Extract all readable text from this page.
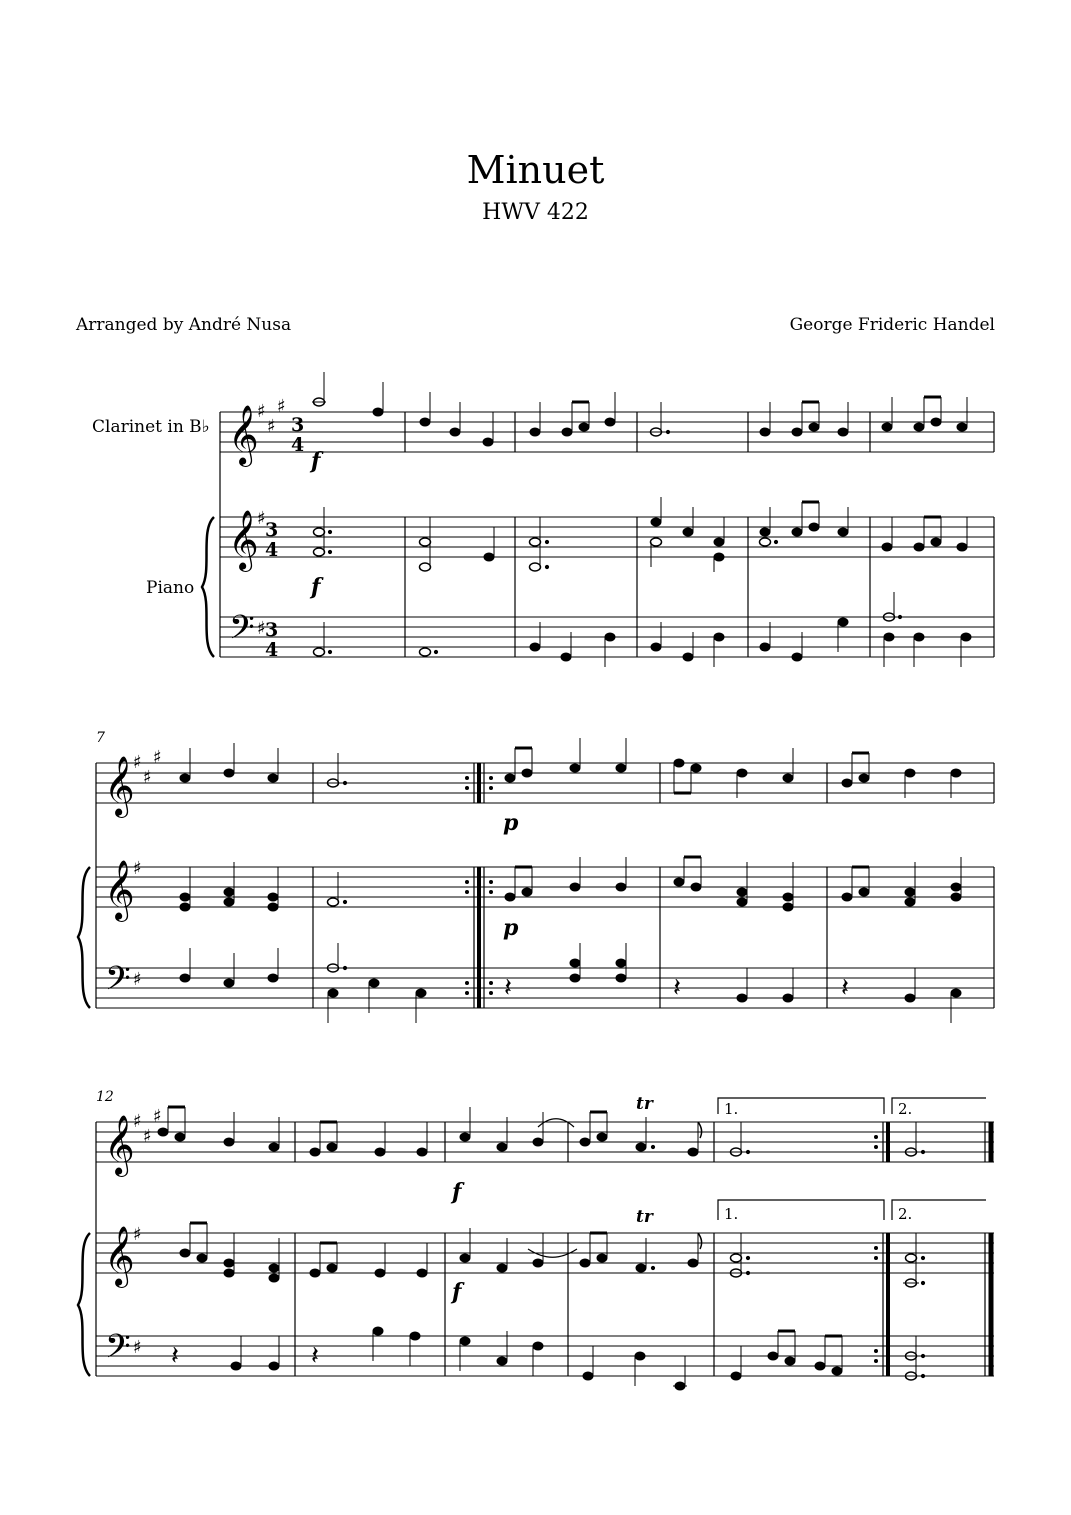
Minuet
HWV 422
Arranged by André Nusa	George Frideric Handel
𝄞
𝄞
𝄢
♯
♯
♯
♯
♯
3
4
3
4
3
4
Clarinet in B♭
Piano
f
f
7
𝄞
𝄞
𝄢
♯
♯
♯
♯
♯
p
p
𝄽	𝄽	𝄽
12
𝄞
𝄞
𝄢
♯
♯
♯
♯
♯
f
f
tr
tr
1.	2.
1.	2.
𝄽	𝄽
